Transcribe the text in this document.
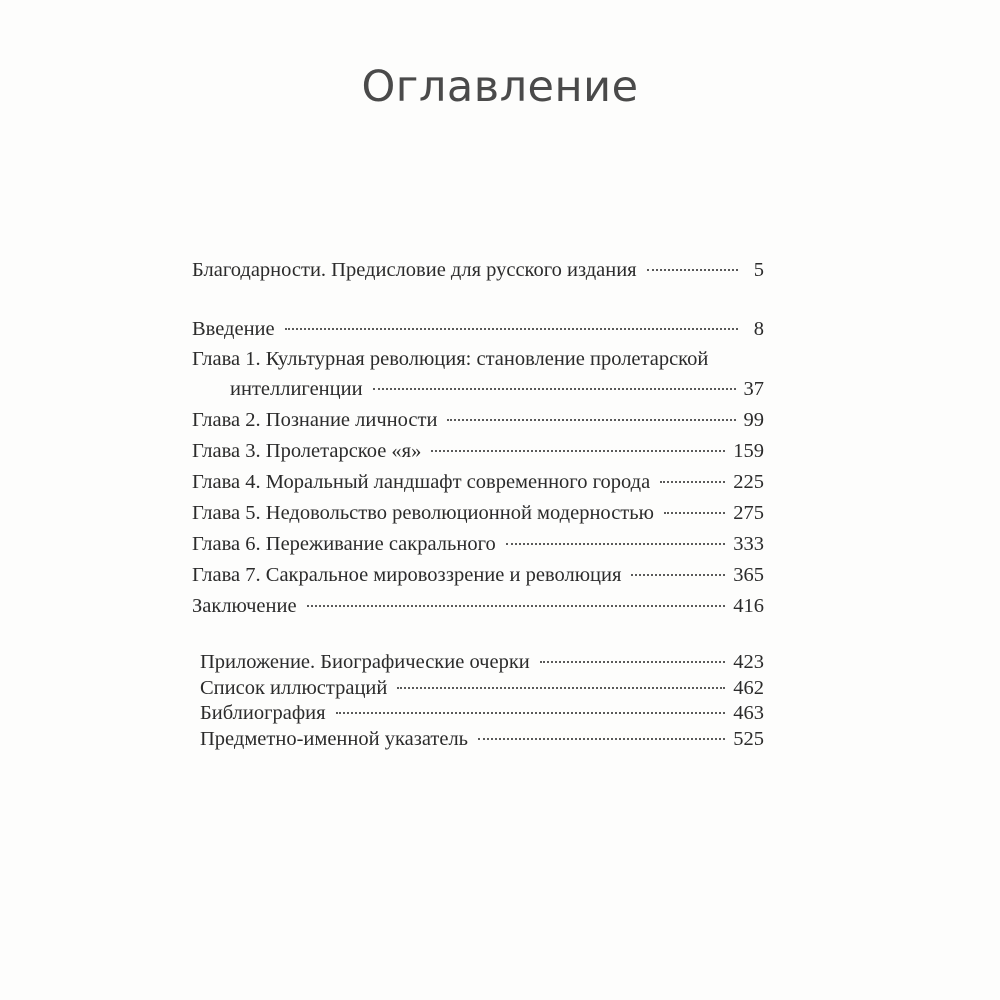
Оглавление
Благодарности. Предисловие для русского издания	5
Введение	8
Глава 1. Культурная революция: становление пролетарской
интеллигенции	37
Глава 2. Познание личности	99
Глава 3. Пролетарское «я»	159
Глава 4. Моральный ландшафт современного города	225
Глава 5. Недовольство революционной модерностью	275
Глава 6. Переживание сакрального	333
Глава 7. Сакральное мировоззрение и революция	365
Заключение	416
Приложение. Биографические очерки	423
Список иллюстраций	462
Библиография	463
Предметно-именной указатель	525
